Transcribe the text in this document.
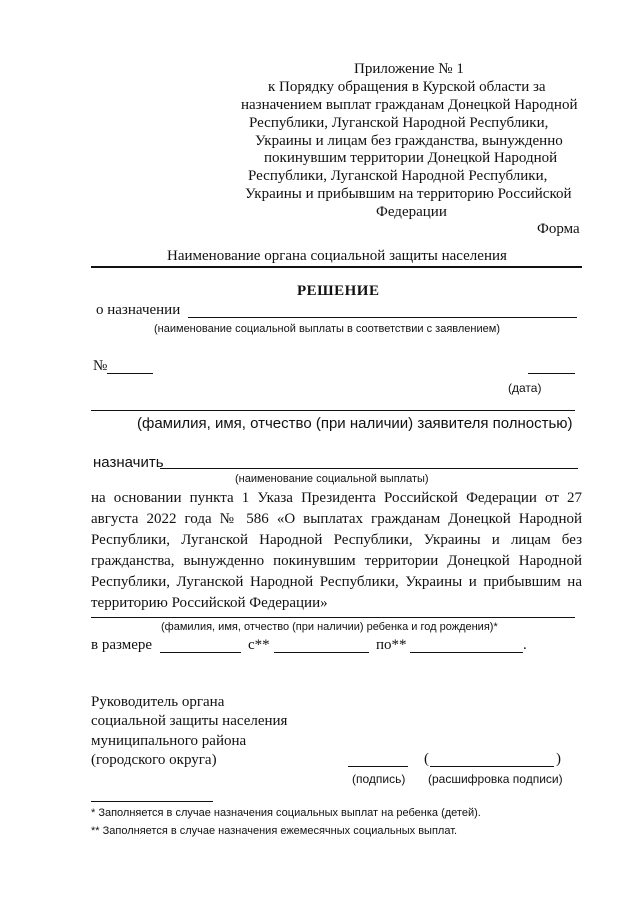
Приложение № 1
к Порядку обращения в Курской области за
назначением выплат гражданам Донецкой Народной
Республики, Луганской Народной Республики,
Украины и лицам без гражданства, вынужденно
покинувшим территории Донецкой Народной
Республики, Луганской Народной Республики,
Украины и прибывшим на территорию Российской
Федерации
Форма
Наименование органа социальной защиты населения
РЕШЕНИЕ
о назначении
(наименование социальной выплаты в соответствии с заявлением)
№
(дата)
(фамилия, имя, отчество (при наличии) заявителя полностью)
назначить
(наименование социальной выплаты)
на основании пункта 1 Указа Президента Российской Федерации от 27 августа 2022 года № 586 «О выплатах гражданам Донецкой Народной Республики, Луганской Народной Республики, Украины и лицам без гражданства, вынужденно покинувшим территории Донецкой Народной Республики, Луганской Народной Республики, Украины и прибывшим на территорию Российской Федерации»
(фамилия, имя, отчество (при наличии) ребенка и год рождения)*
в размере	с**	по**	.
Руководитель органа
социальной защиты населения
муниципального района
(городского округа)	(	)
(подпись) (расшифровка подписи)
* Заполняется в случае назначения социальных выплат на ребенка (детей).
** Заполняется в случае назначения ежемесячных социальных выплат.
